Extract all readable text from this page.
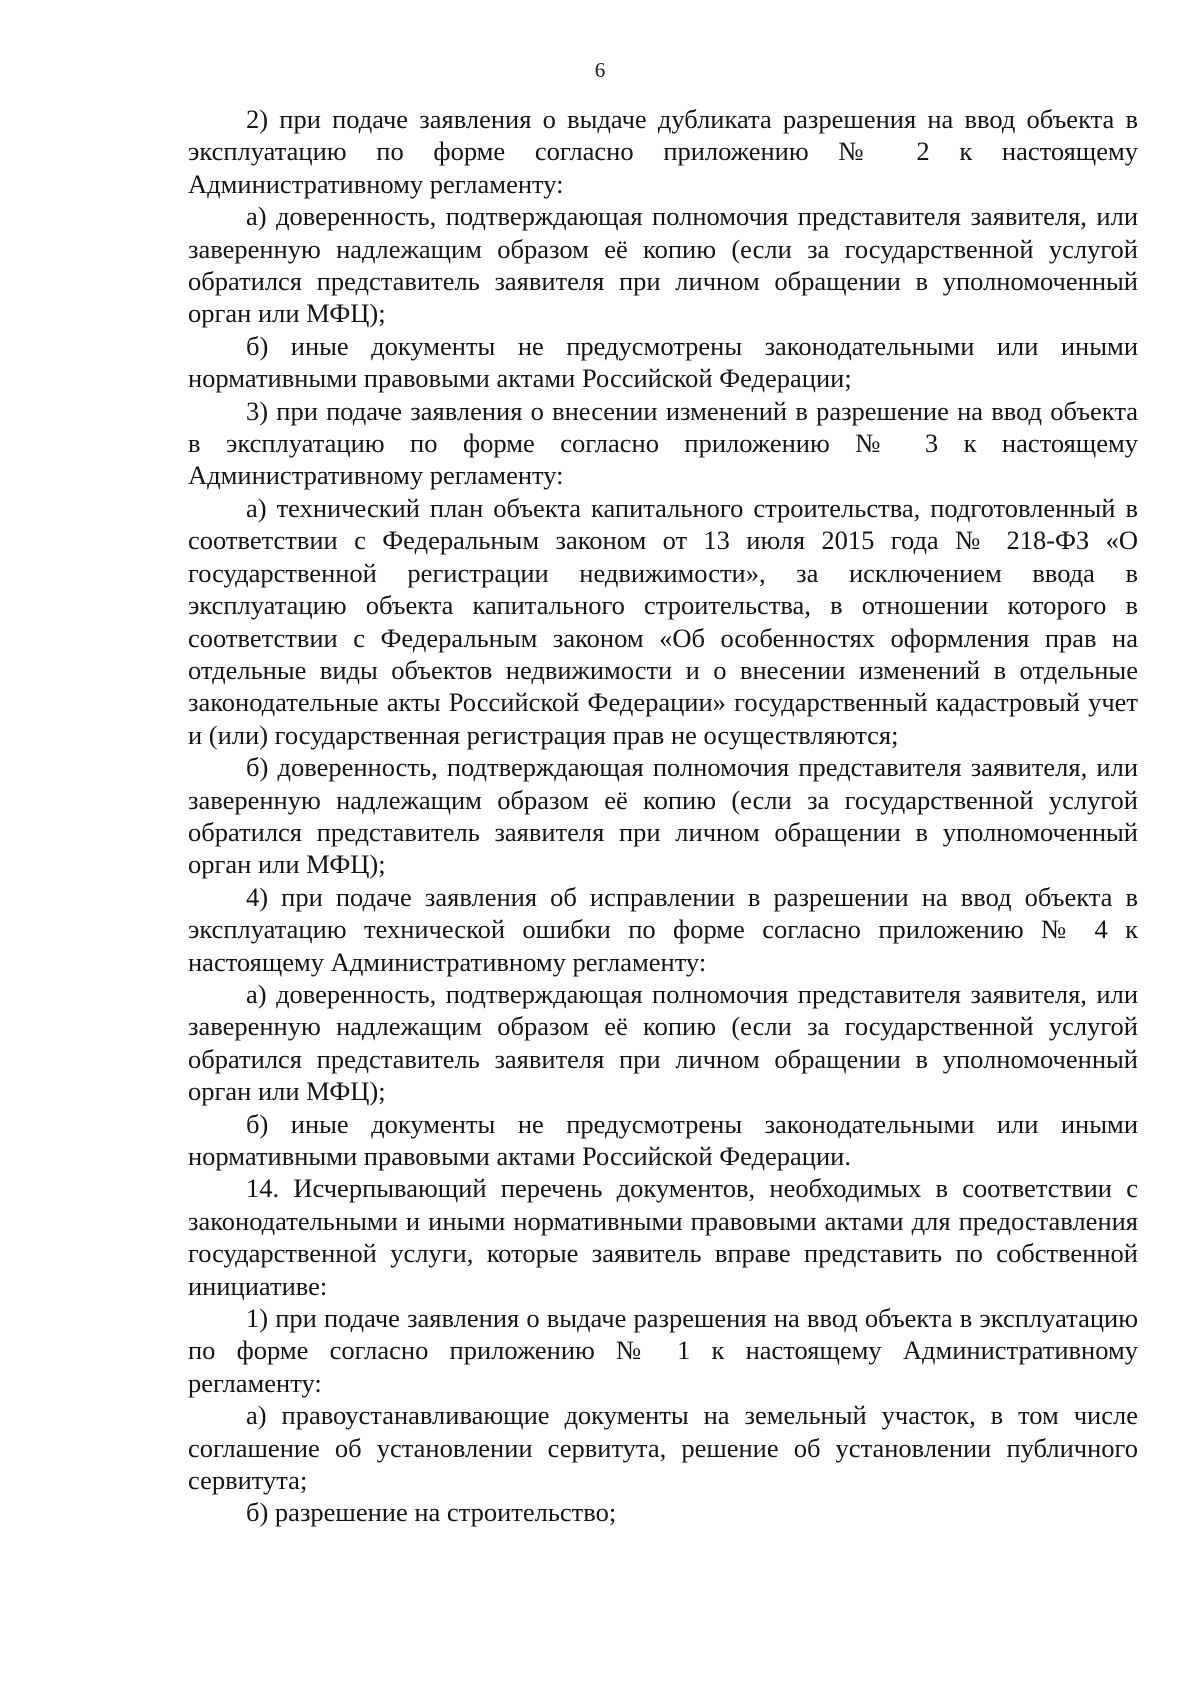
6

2) при подаче заявления о выдаче дубликата разрешения на ввод объекта в эксплуатацию по форме согласно приложению № 2 к настоящему Административному регламенту:

а) доверенность, подтверждающая полномочия представителя заявителя, или заверенную надлежащим образом её копию (если за государственной услугой обратился представитель заявителя при личном обращении в уполномоченный орган или МФЦ);

б) иные документы не предусмотрены законодательными или иными нормативными правовыми актами Российской Федерации;

3) при подаче заявления о внесении изменений в разрешение на ввод объекта в эксплуатацию по форме согласно приложению № 3 к настоящему Административному регламенту:

а) технический план объекта капитального строительства, подготовленный в соответствии с Федеральным законом от 13 июля 2015 года № 218-ФЗ «О государственной регистрации недвижимости», за исключением ввода в эксплуатацию объекта капитального строительства, в отношении которого в соответствии с Федеральным законом «Об особенностях оформления прав на отдельные виды объектов недвижимости и о внесении изменений в отдельные законодательные акты Российской Федерации» государственный кадастровый учет и (или) государственная регистрация прав не осуществляются;

б) доверенность, подтверждающая полномочия представителя заявителя, или заверенную надлежащим образом её копию (если за государственной услугой обратился представитель заявителя при личном обращении в уполномоченный орган или МФЦ);

4) при подаче заявления об исправлении в разрешении на ввод объекта в эксплуатацию технической ошибки по форме согласно приложению № 4 к настоящему Административному регламенту:

а) доверенность, подтверждающая полномочия представителя заявителя, или заверенную надлежащим образом её копию (если за государственной услугой обратился представитель заявителя при личном обращении в уполномоченный орган или МФЦ);

б) иные документы не предусмотрены законодательными или иными нормативными правовыми актами Российской Федерации.

14. Исчерпывающий перечень документов, необходимых в соответствии с законодательными и иными нормативными правовыми актами для предоставления государственной услуги, которые заявитель вправе представить по собственной инициативе:

1) при подаче заявления о выдаче разрешения на ввод объекта в эксплуатацию по форме согласно приложению № 1 к настоящему Административному регламенту:

а) правоустанавливающие документы на земельный участок, в том числе соглашение об установлении сервитута, решение об установлении публичного сервитута;

б) разрешение на строительство;
